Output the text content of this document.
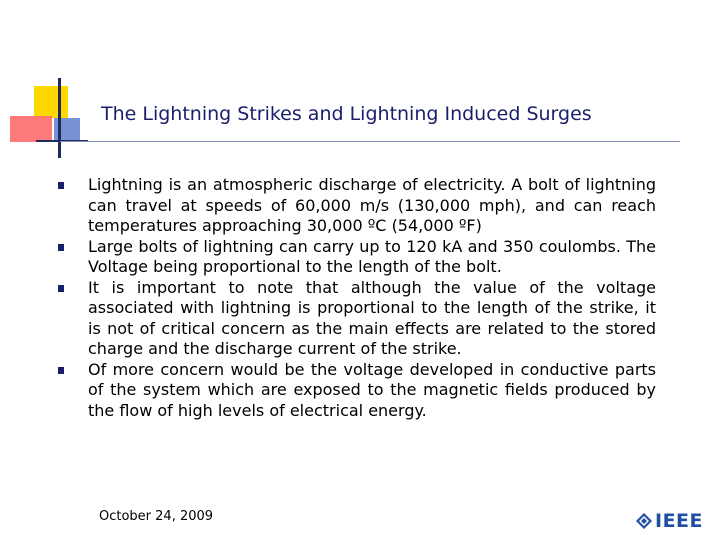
The Lightning Strikes and Lightning Induced Surges
Lightning is an atmospheric discharge of electricity. A bolt of lightning can travel at speeds of 60,000 m/s (130,000 mph), and can reach temperatures approaching 30,000 ºC (54,000 ºF)
Large bolts of lightning can carry up to 120 kA and 350 coulombs. The Voltage being proportional to the length of the bolt.
It is important to note that although the value of the voltage associated with lightning is proportional to the length of the strike, it is not of critical concern as the main effects are related to the stored charge and the discharge current of the strike.
Of more concern would be the voltage developed in conductive parts of the system which are exposed to the magnetic fields produced by the flow of high levels of electrical energy.
October 24, 2009	IEEE
